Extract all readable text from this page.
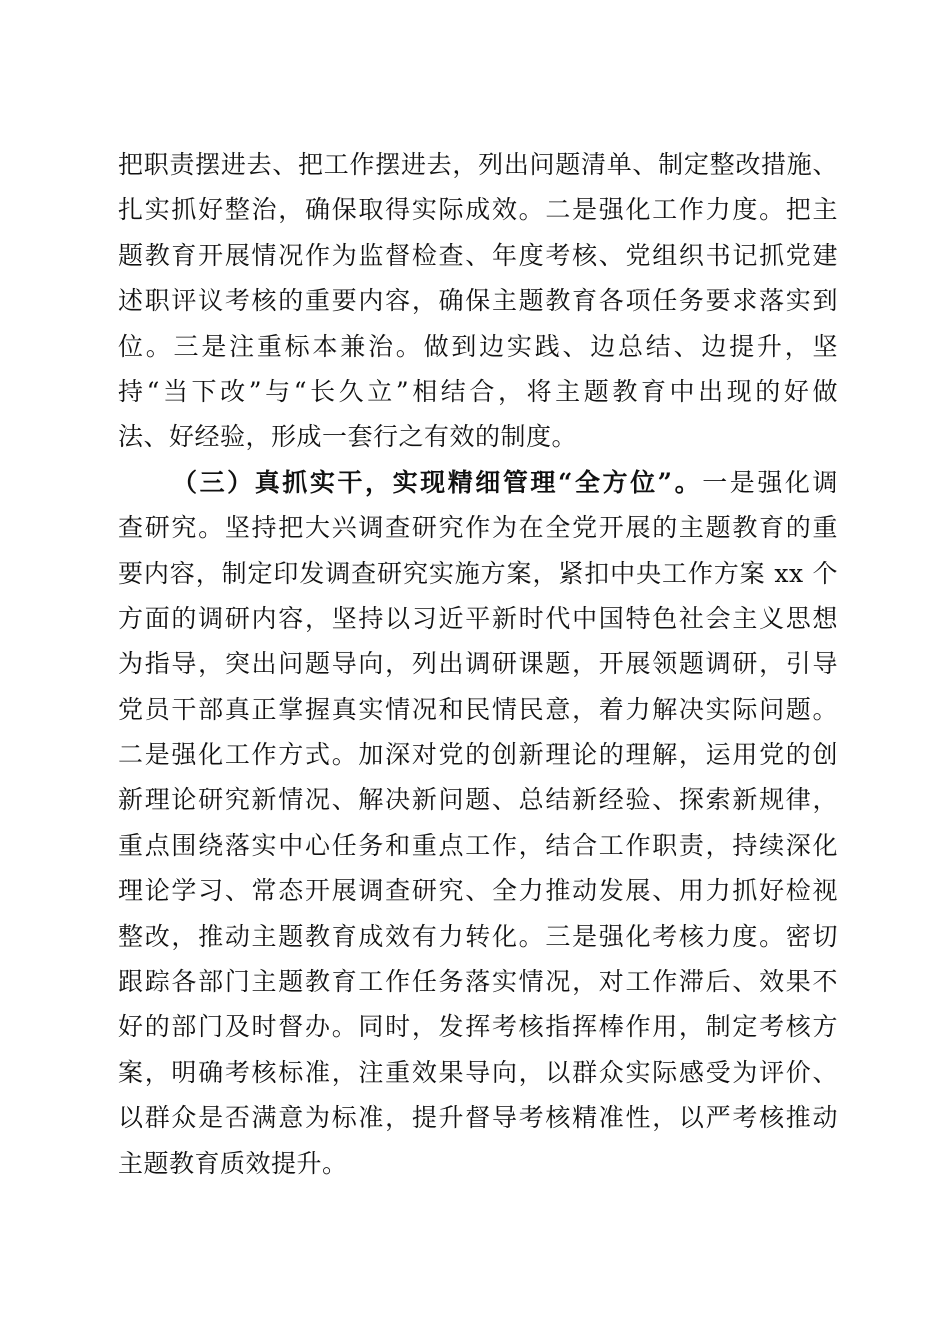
把职责摆进去、把工作摆进去，列出问题清单、制定整改措施、
扎实抓好整治，确保取得实际成效。二是强化工作力度。把主
题教育开展情况作为监督检查、年度考核、党组织书记抓党建
述职评议考核的重要内容，确保主题教育各项任务要求落实到
位。三是注重标本兼治。做到边实践、边总结、边提升，坚
持“当下改”与“长久立”相结合，将主题教育中出现的好做
法、好经验，形成一套行之有效的制度。
（三）真抓实干，实现精细管理“全方位”。一是强化调
查研究。坚持把大兴调查研究作为在全党开展的主题教育的重
要内容，制定印发调查研究实施方案，紧扣中央工作方案 xx 个
方面的调研内容，坚持以习近平新时代中国特色社会主义思想
为指导，突出问题导向，列出调研课题，开展领题调研，引导
党员干部真正掌握真实情况和民情民意，着力解决实际问题。
二是强化工作方式。加深对党的创新理论的理解，运用党的创
新理论研究新情况、解决新问题、总结新经验、探索新规律，
重点围绕落实中心任务和重点工作，结合工作职责，持续深化
理论学习、常态开展调查研究、全力推动发展、用力抓好检视
整改，推动主题教育成效有力转化。三是强化考核力度。密切
跟踪各部门主题教育工作任务落实情况，对工作滞后、效果不
好的部门及时督办。同时，发挥考核指挥棒作用，制定考核方
案，明确考核标准，注重效果导向，以群众实际感受为评价、
以群众是否满意为标准，提升督导考核精准性，以严考核推动
主题教育质效提升。
